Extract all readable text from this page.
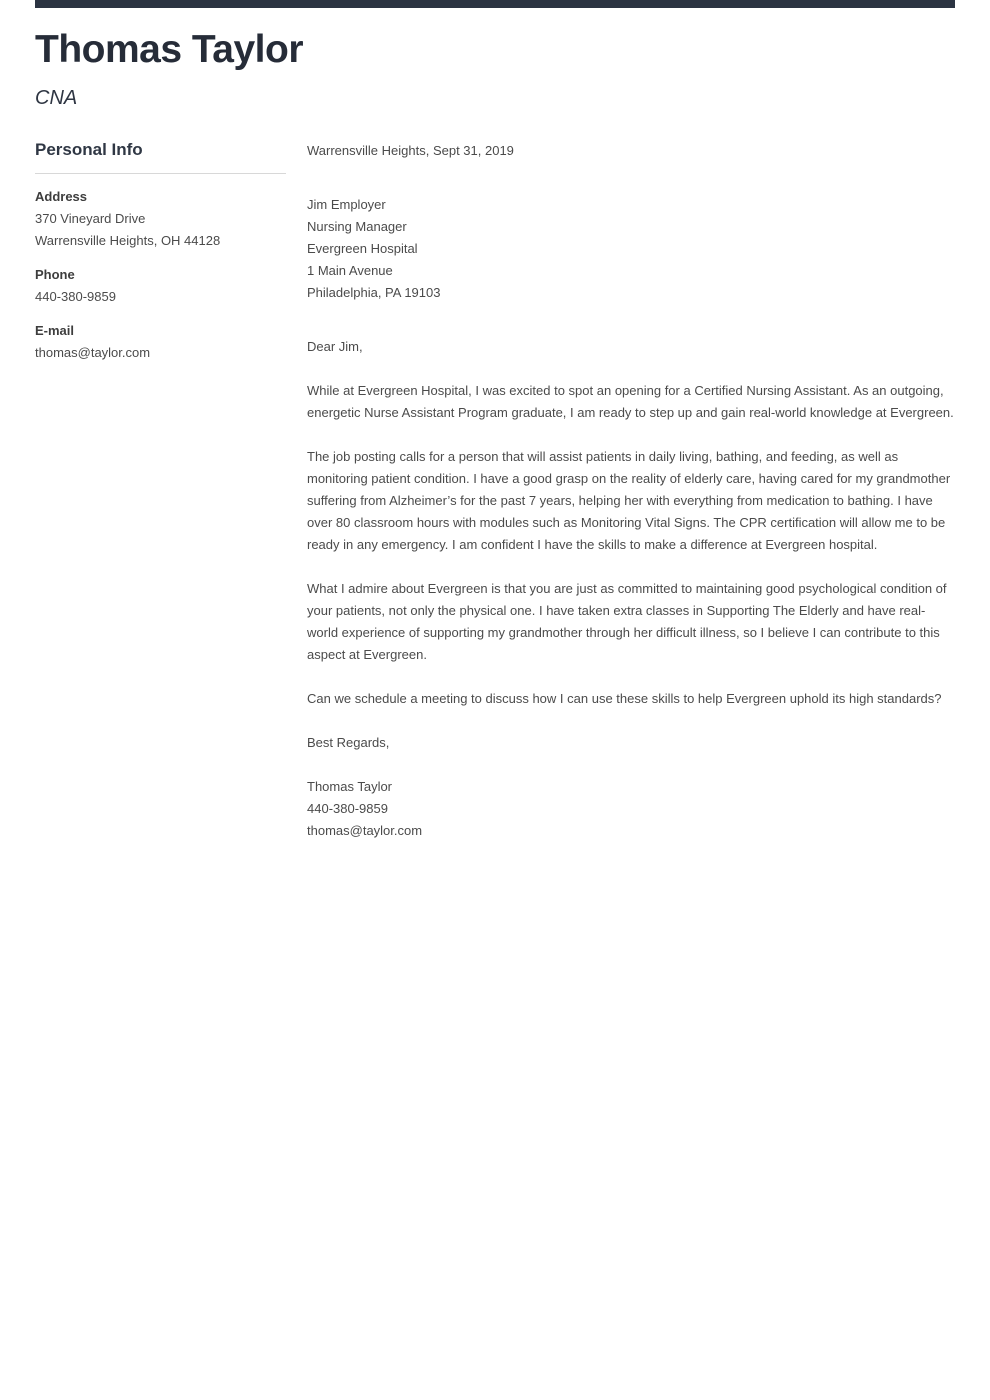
Thomas Taylor
CNA
Personal Info
Address
370 Vineyard Drive
Warrensville Heights, OH 44128
Phone
440-380-9859
E-mail
thomas@taylor.com

Warrensville Heights, Sept 31, 2019

Jim Employer

Nursing Manager

Evergreen Hospital

1 Main Avenue

Philadelphia, PA 19103

Dear Jim,

While at Evergreen Hospital, I was excited to spot an opening for a Certified Nursing Assistant. As an outgoing, energetic Nurse Assistant Program graduate, I am ready to step up and gain real-world knowledge at Evergreen.

The job posting calls for a person that will assist patients in daily living, bathing, and feeding, as well as monitoring patient condition. I have a good grasp on the reality of elderly care, having cared for my grandmother suffering from Alzheimer’s for the past 7 years, helping her with everything from medication to bathing. I have over 80 classroom hours with modules such as Monitoring Vital Signs. The CPR certification will allow me to be ready in any emergency. I am confident I have the skills to make a difference at Evergreen hospital.

What I admire about Evergreen is that you are just as committed to maintaining good psychological condition of your patients, not only the physical one. I have taken extra classes in Supporting The Elderly and have real-world experience of supporting my grandmother through her difficult illness, so I believe I can contribute to this aspect at Evergreen.

Can we schedule a meeting to discuss how I can use these skills to help Evergreen uphold its high standards?

Best Regards,

Thomas Taylor

440-380-9859

thomas@taylor.com
